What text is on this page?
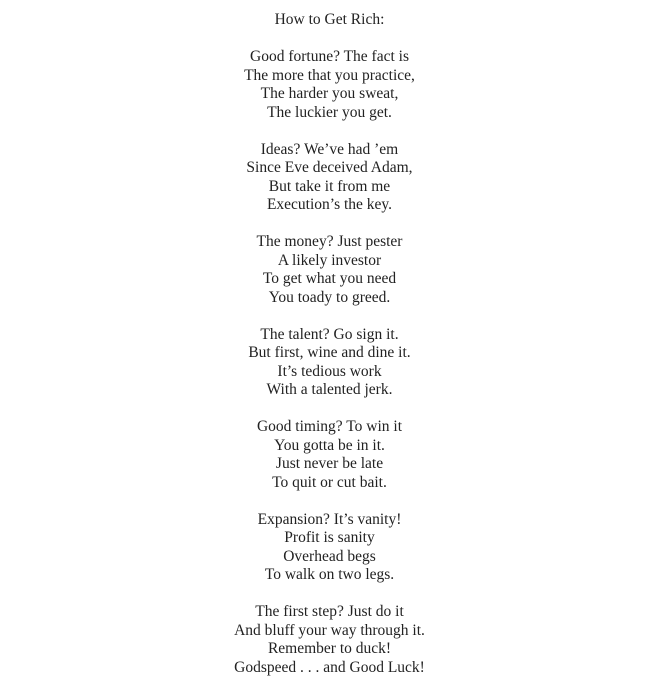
How to Get Rich:
Good fortune? The fact is
The more that you practice,
The harder you sweat,
The luckier you get.
Ideas? We’ve had ’em
Since Eve deceived Adam,
But take it from me
Execution’s the key.
The money? Just pester
A likely investor
To get what you need
You toady to greed.
The talent? Go sign it.
But first, wine and dine it.
It’s tedious work
With a talented jerk.
Good timing? To win it
You gotta be in it.
Just never be late
To quit or cut bait.
Expansion? It’s vanity!
Profit is sanity
Overhead begs
To walk on two legs.
The first step? Just do it
And bluff your way through it.
Remember to duck!
Godspeed . . . and Good Luck!
